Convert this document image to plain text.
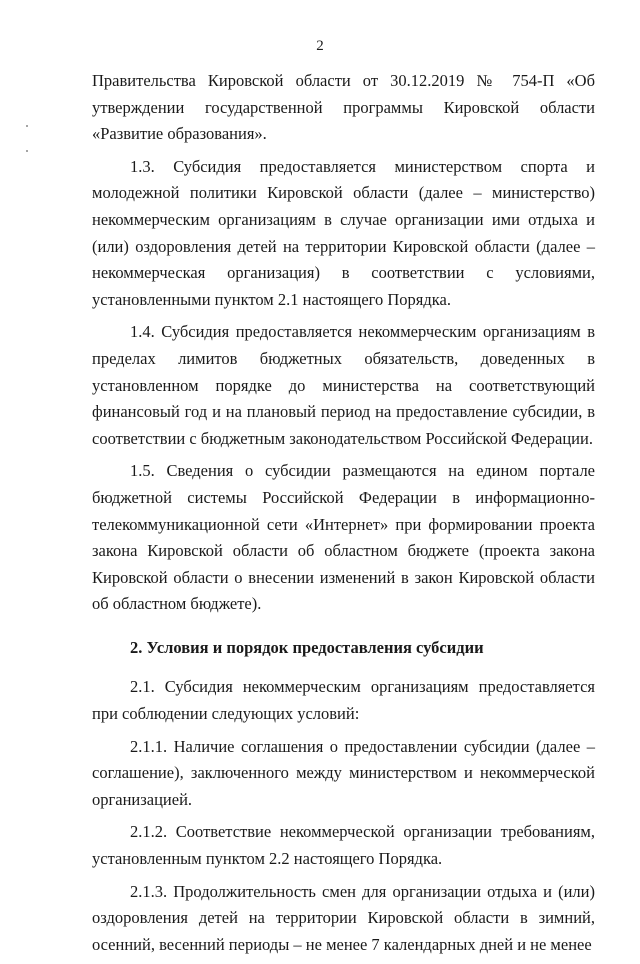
2

Правительства Кировской области от 30.12.2019 № 754-П «Об утверждении государственной программы Кировской области «Развитие образования».

1.3. Субсидия предоставляется министерством спорта и молодежной политики Кировской области (далее – министерство) некоммерческим организациям в случае организации ими отдыха и (или) оздоровления детей на территории Кировской области (далее – некоммерческая организация) в соответствии с условиями, установленными пунктом 2.1 настоящего Порядка.

1.4. Субсидия предоставляется некоммерческим организациям в пределах лимитов бюджетных обязательств, доведенных в установленном порядке до министерства на соответствующий финансовый год и на плановый период на предоставление субсидии, в соответствии с бюджетным законодательством Российской Федерации.

1.5. Сведения о субсидии размещаются на едином портале бюджетной системы Российской Федерации в информационно-телекоммуникационной сети «Интернет» при формировании проекта закона Кировской области об областном бюджете (проекта закона Кировской области о внесении изменений в закон Кировской области об областном бюджете).

2. Условия и порядок предоставления субсидии

2.1. Субсидия некоммерческим организациям предоставляется при соблюдении следующих условий:

2.1.1. Наличие соглашения о предоставлении субсидии (далее – соглашение), заключенного между министерством и некоммерческой организацией.

2.1.2. Соответствие некоммерческой организации требованиям, установленным пунктом 2.2 настоящего Порядка.

2.1.3. Продолжительность смен для организации отдыха и (или) оздоровления детей на территории Кировской области в зимний, осенний, весенний периоды – не менее 7 календарных дней и не менее
